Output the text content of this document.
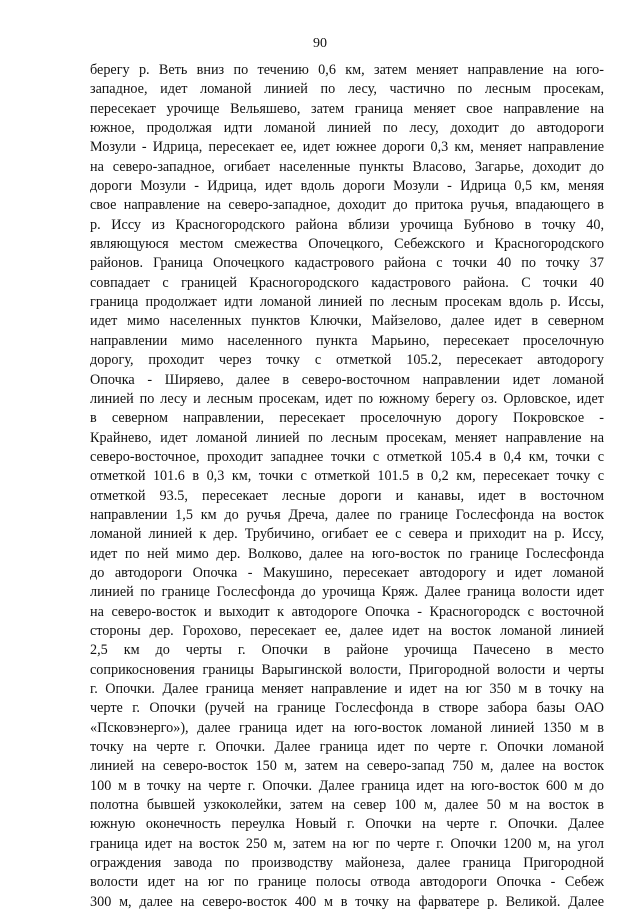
90
берегу р. Веть вниз по течению 0,6 км, затем меняет направление на юго-
западное, идет ломаной линией по лесу, частично по лесным просекам,
пересекает урочище Вельяшево, затем граница меняет свое направление на
южное, продолжая идти ломаной линией по лесу, доходит до автодороги
Мозули - Идрица, пересекает ее, идет южнее дороги 0,3 км, меняет направление
на северо-западное, огибает населенные пункты Власово, Загарье, доходит до
дороги Мозули - Идрица, идет вдоль дороги Мозули - Идрица 0,5 км, меняя
свое направление на северо-западное, доходит до притока ручья, впадающего в
р. Иссу из Красногородского района вблизи урочища Бубново в точку 40,
являющуюся местом смежества Опочецкого, Себежского и Красногородского
районов. Граница Опочецкого кадастрового района с точки 40 по точку 37
совпадает с границей Красногородского кадастрового района. С точки 40
граница продолжает идти ломаной линией по лесным просекам вдоль р. Иссы,
идет мимо населенных пунктов Ключки, Майзелово, далее идет в северном
направлении мимо населенного пункта Марьино, пересекает проселочную
дорогу, проходит через точку с отметкой 105.2, пересекает автодорогу
Опочка - Ширяево, далее в северо-восточном направлении идет ломаной
линией по лесу и лесным просекам, идет по южному берегу оз. Орловское, идет
в северном направлении, пересекает проселочную дорогу Покровское -
Крайнево, идет ломаной линией по лесным просекам, меняет направление на
северо-восточное, проходит западнее точки с отметкой 105.4 в 0,4 км, точки с
отметкой 101.6 в 0,3 км, точки с отметкой 101.5 в 0,2 км, пересекает точку с
отметкой 93.5, пересекает лесные дороги и канавы, идет в восточном
направлении 1,5 км до ручья Дреча, далее по границе Гослесфонда на восток
ломаной линией к дер. Трубичино, огибает ее с севера и приходит на р. Иссу,
идет по ней мимо дер. Волково, далее на юго-восток по границе Гослесфонда
до автодороги Опочка - Макушино, пересекает автодорогу и идет ломаной
линией по границе Гослесфонда до урочища Кряж. Далее граница волости идет
на северо-восток и выходит к автодороге Опочка - Красногородск с восточной
стороны дер. Горохово, пересекает ее, далее идет на восток ломаной линией
2,5 км до черты г. Опочки в районе урочища Пачесено в место
соприкосновения границы Варыгинской волости, Пригородной волости и черты
г. Опочки. Далее граница меняет направление и идет на юг 350 м в точку на
черте г. Опочки (ручей на границе Гослесфонда в створе забора базы ОАО
«Псковэнерго»), далее граница идет на юго-восток ломаной линией 1350 м в
точку на черте г. Опочки. Далее граница идет по черте г. Опочки ломаной
линией на северо-восток 150 м, затем на северо-запад 750 м, далее на восток
100 м в точку на черте г. Опочки. Далее граница идет на юго-восток 600 м до
полотна бывшей узкоколейки, затем на север 100 м, далее 50 м на восток в
южную оконечность переулка Новый г. Опочки на черте г. Опочки. Далее
граница идет на восток 250 м, затем на юг по черте г. Опочки 1200 м, на угол
ограждения завода по производству майонеза, далее граница Пригородной
волости идет на юг по границе полосы отвода автодороги Опочка - Себеж
300 м, далее на северо-восток 400 м в точку на фарватере р. Великой. Далее
